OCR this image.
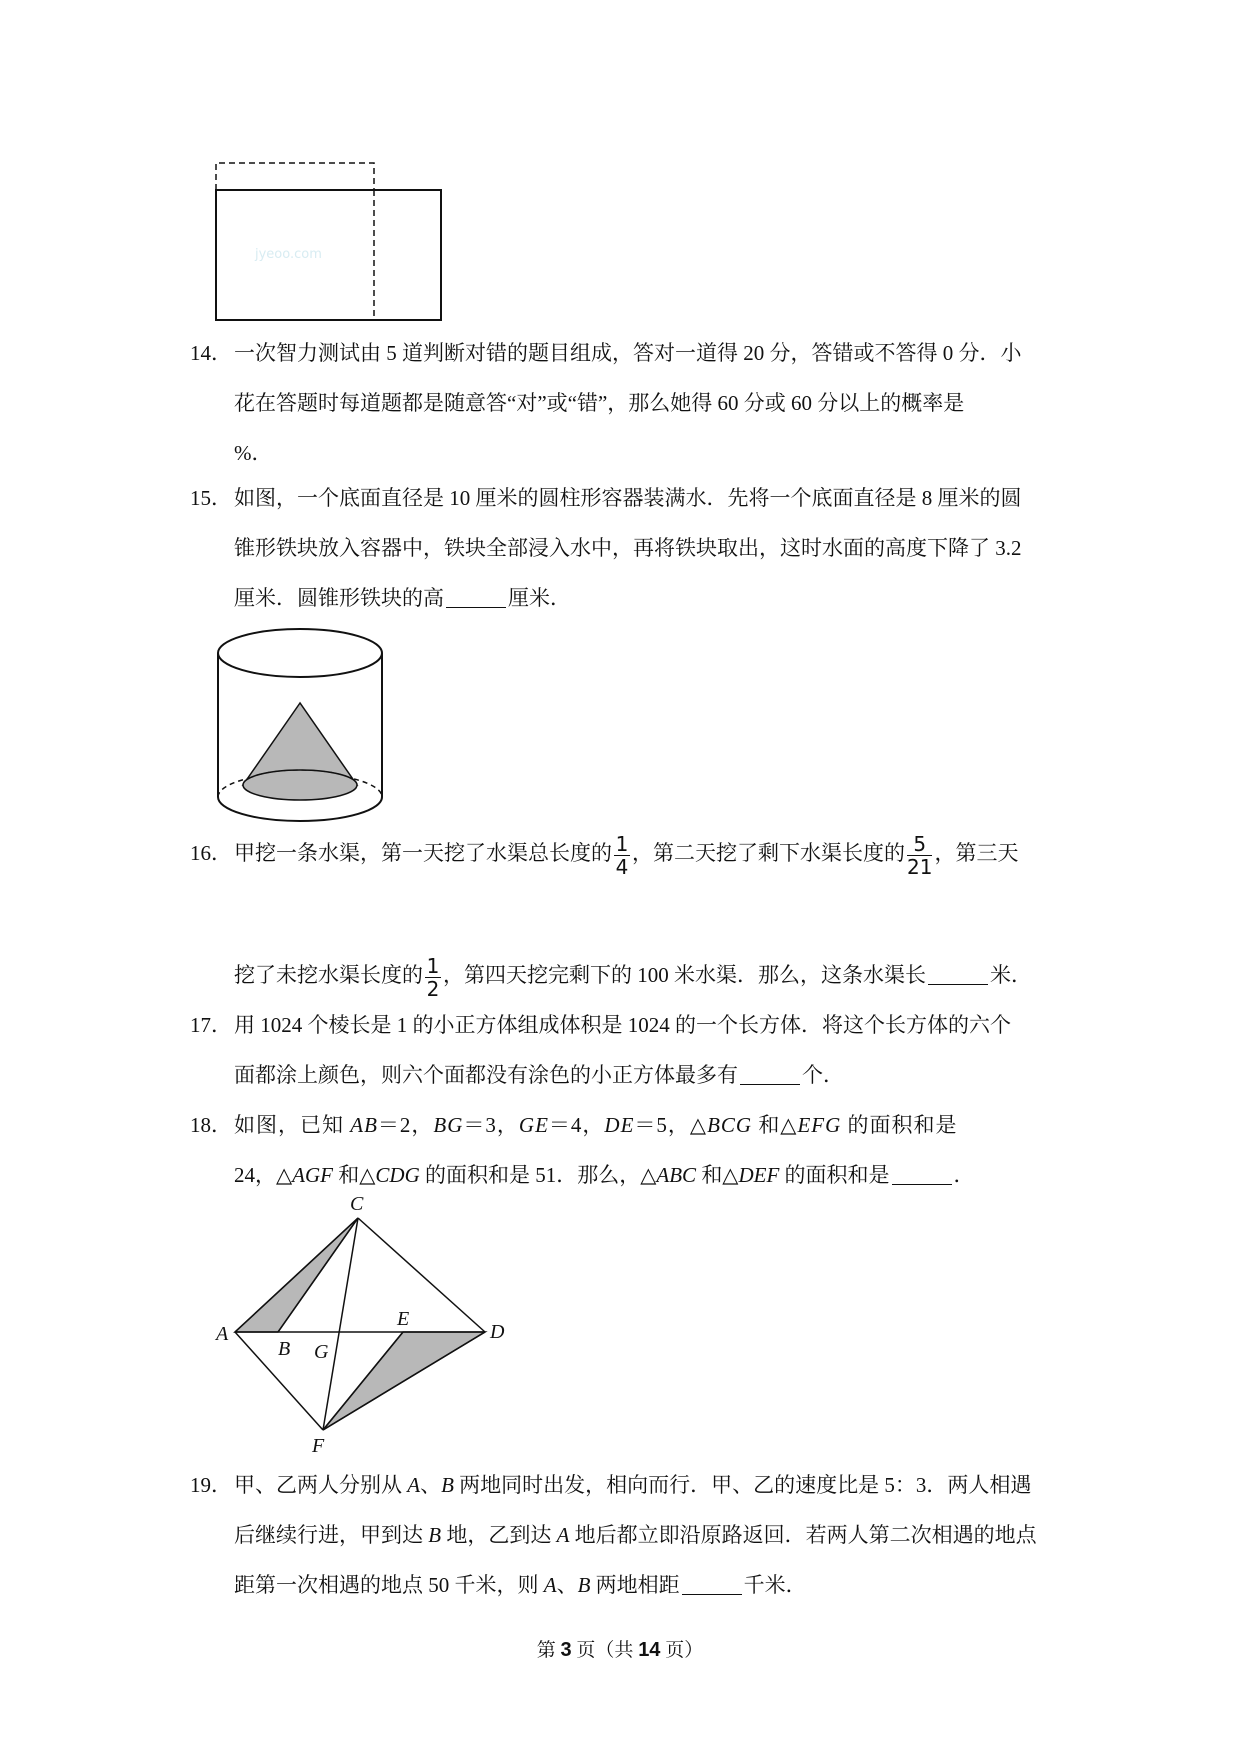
jyeoo.com
14． 一次智力测试由 5 道判断对错的题目组成，答对一道得 20 分，答错或不答得 0 分．小
花在答题时每道题都是随意答“对”或“错”，那么她得 60 分或 60 分以上的概率是
%．
15． 如图，一个底面直径是 10 厘米的圆柱形容器装满水．先将一个底面直径是 8 厘米的圆
锥形铁块放入容器中，铁块全部浸入水中，再将铁块取出，这时水面的高度下降了 3.2
厘米．圆锥形铁块的高	厘米．
16． 甲挖一条水渠，第一天挖了水渠总长度的 $\frac{1}{4}$ ，第二天挖了剩下水渠长度的 $\frac{5}{21}$ ，第三天
挖了未挖水渠长度的 $\frac{1}{2}$ ，第四天挖完剩下的 100 米水渠．那么，这条水渠长	米．
17． 用 1024 个棱长是 1 的小正方体组成体积是 1024 的一个长方体．将这个长方体的六个
面都涂上颜色，则六个面都没有涂色的小正方体最多有	个．
18． 如图，已知 AB＝2，BG＝3，GE＝4，DE＝5，△BCG 和△EFG 的面积和是
24，△AGF 和△CDG 的面积和是 51．那么，△ABC 和△DEF 的面积和是	．
C
A
B G
E
D
F
19． 甲、乙两人分别从 A、B 两地同时出发，相向而行．甲、乙的速度比是 5：3．两人相遇
后继续行进，甲到达 B 地，乙到达 A 地后都立即沿原路返回．若两人第二次相遇的地点
距第一次相遇的地点 50 千米，则 A、B 两地相距	千米．
第 3 页（共 14 页）
